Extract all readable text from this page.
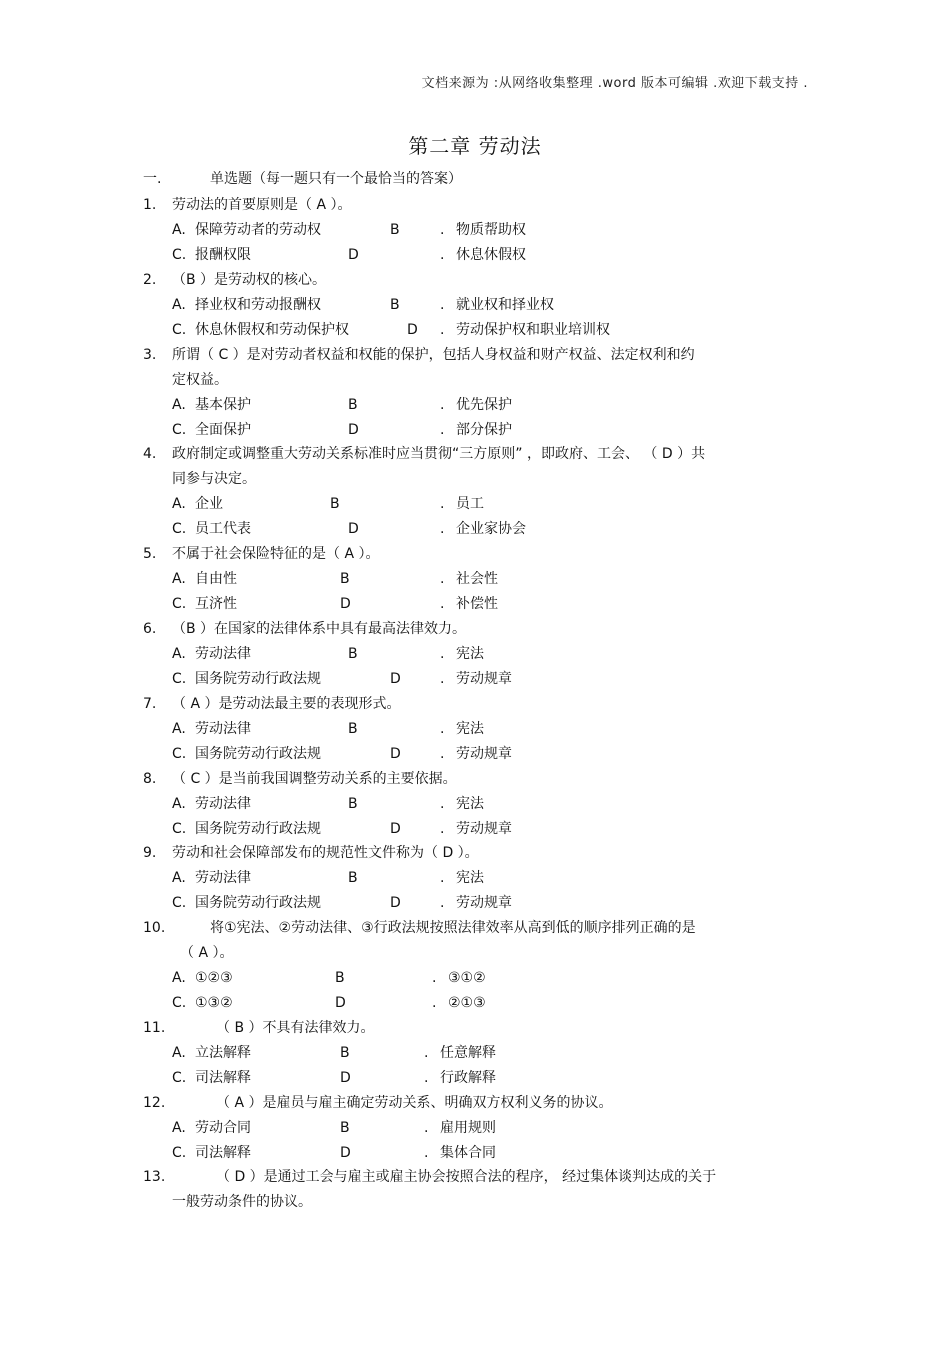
文档来源为 :从网络收集整理 .word 版本可编辑 .欢迎下载支持 .
第二章 劳动法
一.	单选题（每一题只有一个最恰当的答案）
1. 劳动法的首要原则是（ A ）。
A. 保障劳动者的劳动权	B	. 物质帮助权
C. 报酬权限	D	. 休息休假权
2. （B ）是劳动权的核心。
A. 择业权和劳动报酬权	B	. 就业权和择业权
C. 休息休假权和劳动保护权	D . 劳动保护权和职业培训权
3. 所谓（ C ）是对劳动者权益和权能的保护，包括人身权益和财产权益、法定权利和约
定权益。
A. 基本保护	B	. 优先保护
C. 全面保护	D	. 部分保护
4. 政府制定或调整重大劳动关系标准时应当贯彻“三方原则” ，即政府、工会、 （ D ）共
同参与决定。
A. 企业	B	. 员工
C. 员工代表	D	. 企业家协会
5. 不属于社会保险特征的是（ A ）。
A. 自由性	B	. 社会性
C. 互济性	D	. 补偿性
6. （B ）在国家的法律体系中具有最高法律效力。
A. 劳动法律	B	. 宪法
C. 国务院劳动行政法规	D	. 劳动规章
7. （ A ）是劳动法最主要的表现形式。
A. 劳动法律	B	. 宪法
C. 国务院劳动行政法规	D	. 劳动规章
8. （ C ）是当前我国调整劳动关系的主要依据。
A. 劳动法律	B	. 宪法
C. 国务院劳动行政法规	D	. 劳动规章
9. 劳动和社会保障部发布的规范性文件称为（ D ）。
A. 劳动法律	B	. 宪法
C. 国务院劳动行政法规	D	. 劳动规章
10.	将①宪法、②劳动法律、③行政法规按照法律效率从高到低的顺序排列正确的是
（ A ）。
A. ①②③	B	. ③①②
C. ①③②	D	. ②①③
11.	（ B ）不具有法律效力。
A. 立法解释	B	. 任意解释
C. 司法解释	D	. 行政解释
12.	（ A ）是雇员与雇主确定劳动关系、明确双方权利义务的协议。
A. 劳动合同	B	. 雇用规则
C. 司法解释	D	. 集体合同
13.	（ D ）是通过工会与雇主或雇主协会按照合法的程序， 经过集体谈判达成的关于
一般劳动条件的协议。
